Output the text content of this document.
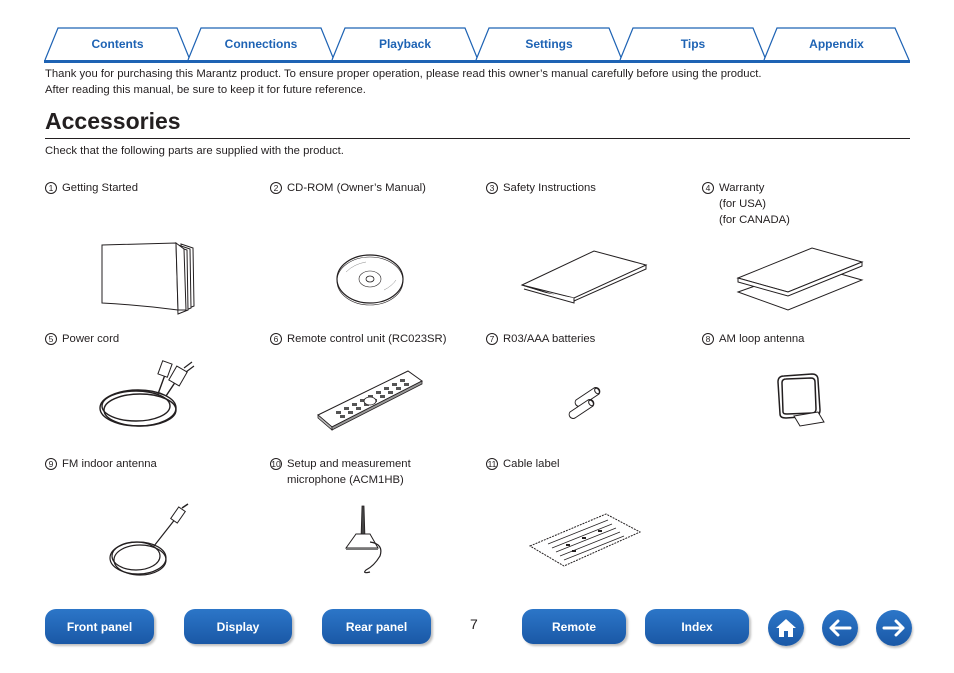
Contents	Connections	Playback	Settings	Tips	Appendix
Thank you for purchasing this Marantz product. To ensure proper operation, please read this owner’s manual carefully before using the product.
After reading this manual, be sure to keep it for future reference.
Accessories
Check that the following parts are supplied with the product.
1 Getting Started	2 CD-ROM (Owner’s Manual)	3 Safety Instructions	4 Warranty
(for USA)
(for CANADA)
5 Power cord	6 Remote control unit (RC023SR)	7 R03/AAA batteries	8 AM loop antenna
9 FM indoor antenna	10 Setup and measurement
microphone (ACM1HB)
11 Cable label
Front panel	Display	Rear panel	7	Remote	Index
